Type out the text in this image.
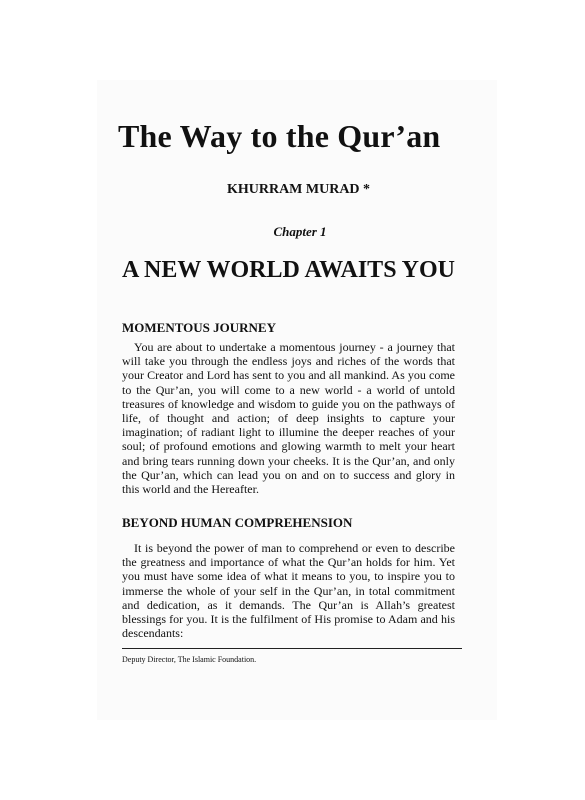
The Way to the Qur’an
KHURRAM MURAD *
Chapter 1
A NEW WORLD AWAITS YOU
MOMENTOUS JOURNEY

You are about to undertake a momentous journey - a journey that will take you through the endless joys and riches of the words that your Creator and Lord has sent to you and all mankind. As you come to the Qur’an, you will come to a new world - a world of untold treasures of knowledge and wisdom to guide you on the pathways of life, of thought and action; of deep insights to capture your imagination; of radiant light to illumine the deeper reaches of your soul; of profound emotions and glowing warmth to melt your heart and bring tears running down your cheeks. It is the Qur’an, and only the Qur’an, which can lead you on and on to success and glory in this world and the Hereafter.

BEYOND HUMAN COMPREHENSION

It is beyond the power of man to comprehend or even to describe the greatness and importance of what the Qur’an holds for him. Yet you must have some idea of what it means to you, to inspire you to immerse the whole of your self in the Qur’an, in total commitment and dedication, as it demands. The Qur’an is Allah’s greatest blessings for you. It is the fulfilment of His promise to Adam and his descendants:

Deputy Director, The Islamic Foundation.
